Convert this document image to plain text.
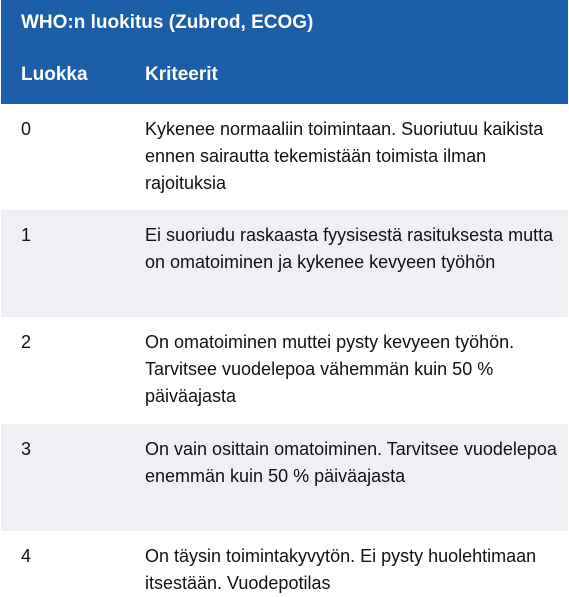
WHO:n luokitus (Zubrod, ECOG)
Luokka	Kriteerit
0	Kykenee normaaliin toimintaan. Suoriutuu kaikista ennen sairautta tekemistään toimista ilman rajoituksia
1	Ei suoriudu raskaasta fyysisestä rasituksesta mutta on omatoiminen ja kykenee kevyeen työhön
2	On omatoiminen muttei pysty kevyeen työhön. Tarvitsee vuodelepoa vähemmän kuin 50 % päiväajasta
3	On vain osittain omatoiminen. Tarvitsee vuodelepoa enemmän kuin 50 % päiväajasta
4	On täysin toimintakyvytön. Ei pysty huolehtimaan itsestään. Vuodepotilas
